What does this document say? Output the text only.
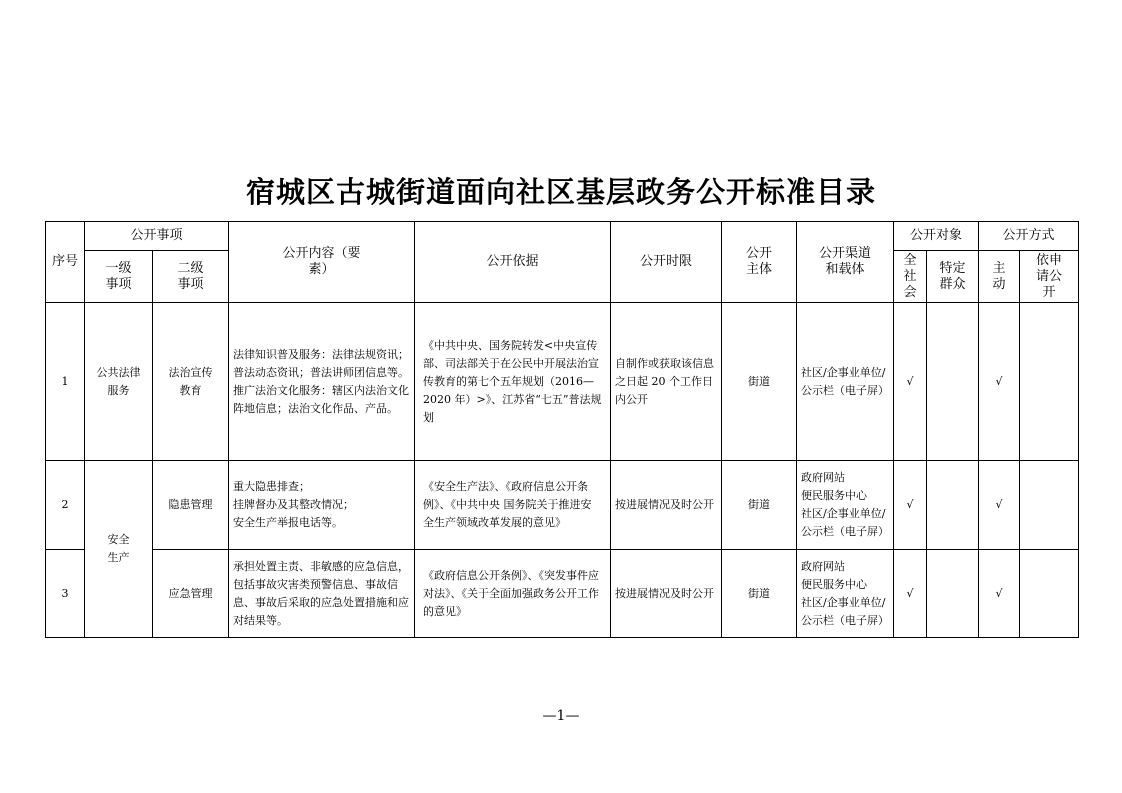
宿城区古城街道面向社区基层政务公开标准目录
序号	公开事项		公开内容（要素）	公开依据	公开时限	公开主体	公开渠道和载体	公开对象		公开方式	
	一级事项	二级事项						全社会	特定群众	主动	依申请公开
1	公共法律服务	法治宣传教育	法律知识普及服务：法律法规资讯；普法动态资讯；普法讲师团信息等。
推广法治文化服务：辖区内法治文化阵地信息；法治文化作品、产品。	《中共中央、国务院转发<中央宣传部、司法部关于在公民中开展法治宣传教育的第七个五年规划（2016—2020 年）>》、江苏省“七五”普法规划	自制作或获取该信息之日起 20 个工作日内公开	街道	社区/企事业单位/公示栏（电子屏）	√		√	
2	安全生产	隐患管理	重大隐患排查；
挂牌督办及其整改情况；
安全生产举报电话等。	《安全生产法》、《政府信息公开条例》、《中共中央 国务院关于推进安全生产领域改革发展的意见》	按进展情况及时公开	街道	政府网站
便民服务中心
社区/企事业单位/公示栏（电子屏）	√		√	
3		应急管理	承担处置主责、非敏感的应急信息，包括事故灾害类预警信息、事故信息、事故后采取的应急处置措施和应对结果等。	《政府信息公开条例》、《突发事件应对法》、《关于全面加强政务公开工作的意见》	按进展情况及时公开	街道	政府网站
便民服务中心
社区/企事业单位/公示栏（电子屏）	√		√	
—1—
